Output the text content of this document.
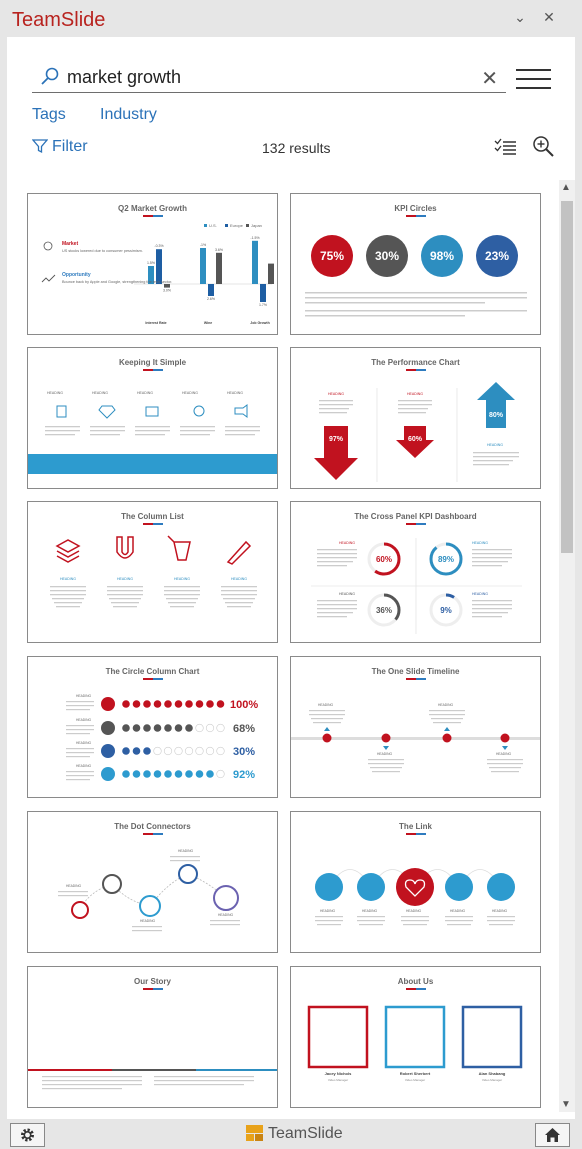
TeamSlide	⌄ ✕
market growth	✕
Tags Industry
Filter	132 results
Q2 Market Growth
1.5%
-0.3%
3.0%
Interest Rate
-1%
2.6%
3.6%
Wine
-1.5%
1.7%
Job Growth
Market
US stocks lowered due to consumer pessimism.
Opportunity
Bounce back by Apple and Google, strengthening the tech sector.
U.S.	Europe Japan
KPI Circles
75%	30%	98%	23%
Keeping It Simple
HEADING	HEADING	HEADING	HEADING	HEADING
The Performance Chart
97%	60%
80%
HEADING	HEADING
HEADING
The Column List
HEADING	HEADING	HEADING	HEADING
The Cross Panel KPI Dashboard
60%	89%
36%	9%
HEADING	HEADING
HEADING	HEADING
The Circle Column Chart
100%
68%
30%
92%
HEADING
HEADING
HEADING
HEADING
The One Slide Timeline
HEADING	HEADING
HEADING	HEADING
The Dot Connectors
HEADING
HEADING
HEADING
HEADING
The Link
HEADING	HEADING	HEADING	HEADING	HEADING
Our Story	About Us
Jacey Nichols	Robert Sherbert	Alan Shabang
Video Manager	Video Manager	Video Manager
▲
▼
TeamSlide
